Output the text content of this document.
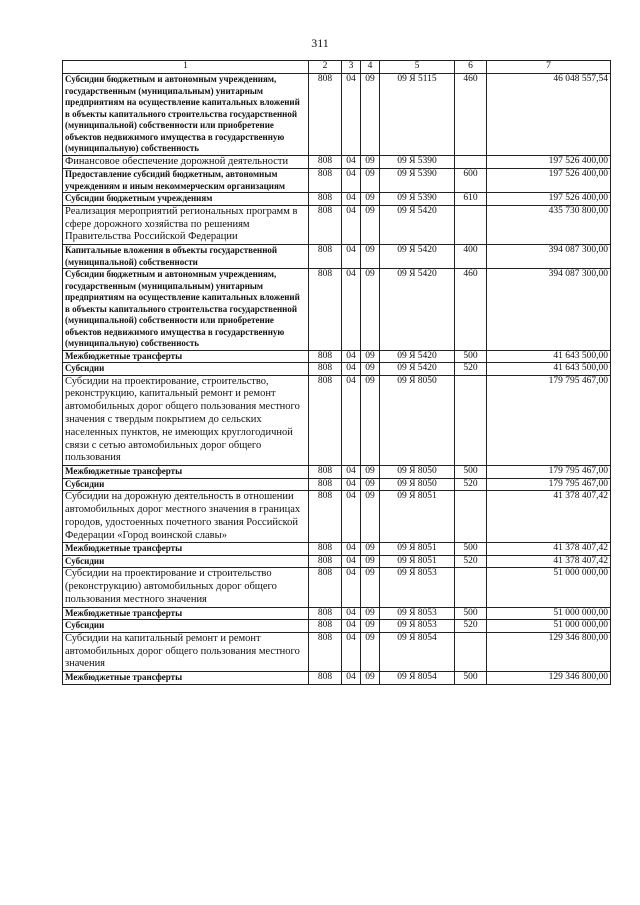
311
1	2	3	4	5	6	7
Субсидии бюджетным и автономным учреждениям, государственным (муниципальным) унитарным предприятиям на осуществление капитальных вложений в объекты капитального строительства государственной (муниципальной) собственности или приобретение объектов недвижимого имущества в государственную (муниципальную) собственность	808	04	09	09 Я 5115	460	46 048 557,54
Финансовое обеспечение дорожной деятельности	808	04	09	09 Я 5390		197 526 400,00
Предоставление субсидий бюджетным, автономным учреждениям и иным некоммерческим организациям	808	04	09	09 Я 5390	600	197 526 400,00
Субсидии бюджетным учреждениям	808	04	09	09 Я 5390	610	197 526 400,00
Реализация мероприятий региональных программ в сфере дорожного хозяйства по решениям Правительства Российской Федерации	808	04	09	09 Я 5420		435 730 800,00
Капитальные вложения в объекты государственной (муниципальной) собственности	808	04	09	09 Я 5420	400	394 087 300,00
Субсидии бюджетным и автономным учреждениям, государственным (муниципальным) унитарным предприятиям на осуществление капитальных вложений в объекты капитального строительства государственной (муниципальной) собственности или приобретение объектов недвижимого имущества в государственную (муниципальную) собственность	808	04	09	09 Я 5420	460	394 087 300,00
Межбюджетные трансферты	808	04	09	09 Я 5420	500	41 643 500,00
Субсидии	808	04	09	09 Я 5420	520	41 643 500,00
Субсидии на проектирование, строительство, реконструкцию, капитальный ремонт и ремонт автомобильных дорог общего пользования местного значения с твердым покрытием до сельских населенных пунктов, не имеющих круглогодичной связи с сетью автомобильных дорог общего пользования	808	04	09	09 Я 8050		179 795 467,00
Межбюджетные трансферты	808	04	09	09 Я 8050	500	179 795 467,00
Субсидии	808	04	09	09 Я 8050	520	179 795 467,00
Субсидии на дорожную деятельность в отношении автомобильных дорог местного значения в границах городов, удостоенных почетного звания Российской Федерации «Город воинской славы»	808	04	09	09 Я 8051		41 378 407,42
Межбюджетные трансферты	808	04	09	09 Я 8051	500	41 378 407,42
Субсидии	808	04	09	09 Я 8051	520	41 378 407,42
Субсидии на проектирование и строительство (реконструкцию) автомобильных дорог общего пользования местного значения	808	04	09	09 Я 8053		51 000 000,00
Межбюджетные трансферты	808	04	09	09 Я 8053	500	51 000 000,00
Субсидии	808	04	09	09 Я 8053	520	51 000 000,00
Субсидии на капитальный ремонт и ремонт автомобильных дорог общего пользования местного значения	808	04	09	09 Я 8054		129 346 800,00
Межбюджетные трансферты	808	04	09	09 Я 8054	500	129 346 800,00
